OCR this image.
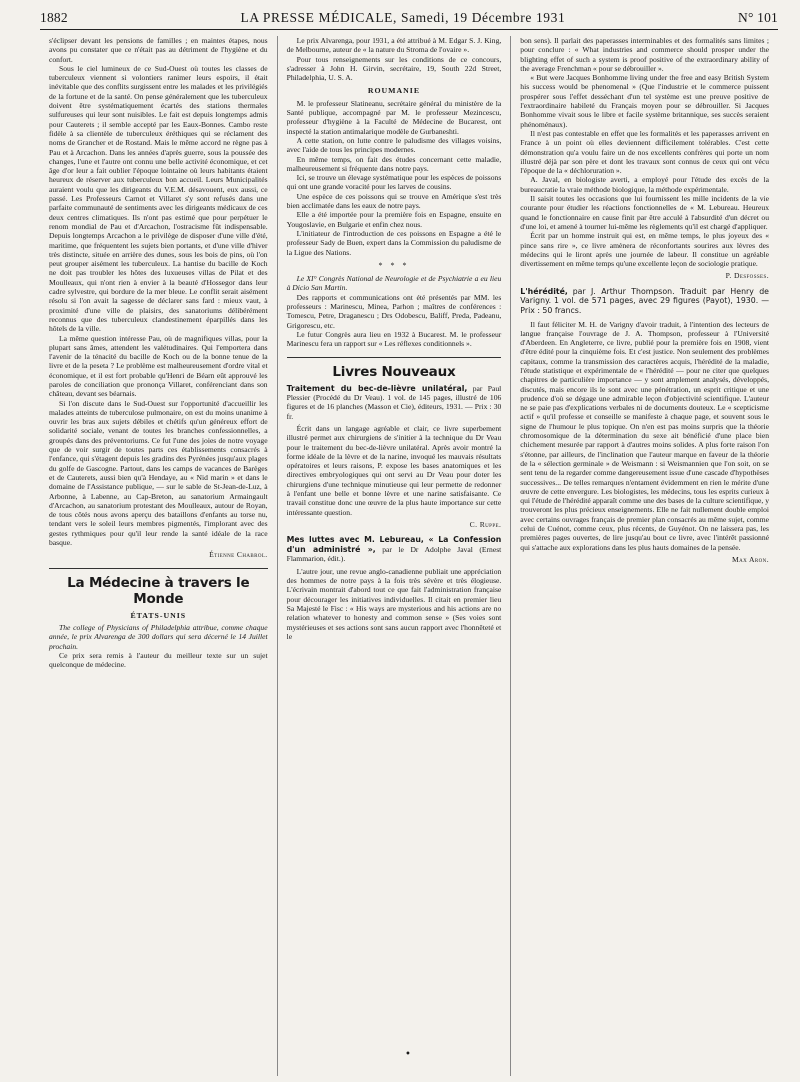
1882	LA PRESSE MÉDICALE, Samedi, 19 Décembre 1931	N° 101

s'éclipser devant les pensions de familles ; en maintes étapes, nous avons pu constater que ce n'était pas au détriment de l'hygiène et du confort.

Sous le ciel lumineux de ce Sud-Ouest où toutes les classes de tuberculeux viennent si volontiers ranimer leurs espoirs, il était inévitable que des conflits surgissent entre les malades et les privilégiés de la fortune et de la santé. On pense généralement que les tuberculeux doivent être systématiquement écartés des stations thermales sulfureuses qui leur sont nuisibles. Le fait est depuis longtemps admis pour Cauterets ; il semble accepté par les Eaux-Bonnes. Cambo reste fidèle à sa clientèle de tuberculeux éréthiques qui se réclament des noms de Grancher et de Rostand. Mais le même accord ne règne pas à Pau et à Arcachon. Dans les années d'après guerre, sous la poussée des changes, l'une et l'autre ont connu une belle activité économique, et cet âge d'or leur a fait oublier l'époque lointaine où leurs habitants étaient heureux de réserver aux tuberculeux bon accueil. Leurs Municipalités auraient voulu que les dirigeants du V.E.M. désavouent, eux aussi, ce passé. Les Professeurs Carnot et Villaret s'y sont refusés dans une parfaite communauté de sentiments avec les dirigeants médicaux de ces deux centres climatiques. Ils n'ont pas estimé que pour perpétuer le renom mondial de Pau et d'Arcachon, l'ostracisme fût indispensable. Depuis longtemps Arcachon a le privilège de disposer d'une ville d'été, maritime, que fréquentent les sujets bien portants, et d'une ville d'hiver très distincte, située en arrière des dunes, sous les bois de pins, où l'on peut grouper aisément les tuberculeux. La hantise du bacille de Koch ne doit pas troubler les hôtes des luxueuses villas de Pilat et des Moulleaux, qui n'ont rien à envier à la beauté d'Hossegor dans leur cadre sylvestre, qui bordure de la mer bleue. Le conflit serait aisément résolu si l'on avait la sagesse de déclarer sans fard : mieux vaut, à proximité d'une ville de plaisirs, des sanatoriums délibérément reconnus que des tuberculeux clandestinement éparpillés dans les hôtels de la ville.

La même question intéresse Pau, où de magnifiques villas, pour la plupart sans âmes, attendent les valétudinaires. Qui l'emportera dans l'avenir de la ténacité du bacille de Koch ou de la bonne tenue de la livre et de la peseta ? Le problème est malheureusement d'ordre vital et économique, et il est fort probable qu'Henri de Béarn eût approuvé les paroles de conciliation que prononça Villaret, conférenciant dans son château, devant ses béarnais.

Si l'on discute dans le Sud-Ouest sur l'opportunité d'accueillir les malades atteints de tuberculose pulmonaire, on est du moins unanime à ouvrir les bras aux sujets débiles et chétifs qu'un généreux effort de solidarité sociale, venant de toutes les branches confessionnelles, a groupés dans des préventoriums. Ce fut l'une des joies de notre voyage que de voir surgir de toutes parts ces établissements consacrés à l'enfance, qui s'étagent depuis les gradins des Pyrénées jusqu'aux plages du golfe de Gascogne. Partout, dans les camps de vacances de Barèges et de Cauterets, aussi bien qu'à Hendaye, au « Nid marin » et dans le domaine de l'Assistance publique, — sur le sable de St-Jean-de-Luz, à Arbonne, à Labenne, au Cap-Breton, au sanatorium Armaingault d'Arcachon, au sanatorium protestant des Moulleaux, autour de Royan, de tous côtés nous avons aperçu des bataillons d'enfants au torse nu, tendant vers le soleil leurs membres pigmentés, l'implorant avec des gestes rythmiques pour qu'il leur rende la santé idéale de la race basque.

Étienne Chabrol.
La Médecine à travers le Monde
ÉTATS-UNIS

The college of Physicians of Philadelphia attribue, comme chaque année, le prix Alvarenga de 300 dollars qui sera décerné le 14 Juillet prochain.

Ce prix sera remis à l'auteur du meilleur texte sur un sujet quelconque de médecine.

Le prix Alvarenga, pour 1931, a été attribué à M. Edgar S. J. King, de Melbourne, auteur de « la nature du Stroma de l'ovaire ».

Pour tous renseignements sur les conditions de ce concours, s'adresser à John H. Girvin, secrétaire, 19, South 22d Street, Philadelphia, U. S. A.

ROUMANIE

M. le professeur Slatineanu, secrétaire général du ministère de la Santé publique, accompagné par M. le professeur Mezincescu, professeur d'hygiène à la Faculté de Médecine de Bucarest, ont inspecté la station antimalarique modèle de Gurbaneshti.

A cette station, on lutte contre le paludisme des villages voisins, avec l'aide de tous les principes modernes.

En même temps, on fait des études concernant cette maladie, malheureusement si fréquente dans notre pays.

Ici, se trouve un élevage systématique pour les espèces de poissons qui ont une grande voracité pour les larves de cousins.

Une espèce de ces poissons qui se trouve en Amérique s'est très bien acclimatée dans les eaux de notre pays.

Elle a été importée pour la première fois en Espagne, ensuite en Yougoslavie, en Bulgarie et enfin chez nous.

L'initiateur de l'introduction de ces poissons en Espagne a été le professeur Sady de Buen, expert dans la Commission du paludisme de la Ligue des Nations.

* * *

Le XI° Congrès National de Neurologie et de Psychiatrie a eu lieu à Dicio San Martin.

Des rapports et communications ont été présentés par MM. les professeurs : Marinescu, Minea, Parhon ; maîtres de conférences : Tomescu, Petre, Draganescu ; Drs Odobescu, Baliff, Preda, Padeanu, Grigorescu, etc.

Le futur Congrès aura lieu en 1932 à Bucarest. M. le professeur Marinescu fera un rapport sur « Les réflexes conditionnels ».

Livres Nouveaux

Traitement du bec-de-lièvre unilatéral, par Paul Plessier (Procédé du Dr Veau). 1 vol. de 145 pages, illustré de 106 figures et de 16 planches (Masson et Cie), éditeurs, 1931. — Prix : 30 fr.

Écrit dans un langage agréable et clair, ce livre superbement illustré permet aux chirurgiens de s'initier à la technique du Dr Veau pour le traitement du bec-de-lièvre unilatéral. Après avoir montré la forme idéale de la lèvre et de la narine, invoqué les mauvais résultats opératoires et leurs raisons, P. expose les bases anatomiques et les directives embryologiques qui ont servi au Dr Veau pour doter les chirurgiens d'une technique minutieuse qui leur permette de redonner à l'enfant une belle et bonne lèvre et une narine satisfaisante. Ce travail constitue donc une œuvre de la plus haute importance sur cette intéressante question.

C. Ruppe.

Mes luttes avec M. Lebureau, « La Confession d'un administré », par le Dr Adolphe Javal (Ernest Flammarion, édit.).

L'autre jour, une revue anglo-canadienne publiait une appréciation des hommes de notre pays à la fois très sévère et très élogieuse. L'écrivain montrait d'abord tout ce que fait l'administration française pour décourager les initiatives individuelles. Il citait en premier lieu Sa Majesté le Fisc : « His ways are mysterious and his actions are no relation whatever to honesty and common sense » (Ses voies sont mystérieuses et ses actions sont sans aucun rapport avec l'honnêteté et le

bon sens). Il parlait des paperasses interminables et des formalités sans limites ; pour conclure : « What industries and commerce should prosper under the blighting effet of such a system is proof positive of the extraordinary ability of the average Frenchman « pour se débrouiller ».

« But were Jacques Bonhomme living under the free and easy British System his success would be phenomenal » (Que l'industrie et le commerce puissent prospérer sous l'effet desséchant d'un tel système est une preuve positive de l'extraordinaire habileté du Français moyen pour se débrouiller. Si Jacques Bonhomme vivait sous le libre et facile système britannique, ses succès seraient phénoménaux).

Il n'est pas contestable en effet que les formalités et les paperasses arrivent en France à un point où elles deviennent difficilement tolérables. C'est cette démonstration qu'a voulu faire un de nos excellents confrères qui porte un nom illustré déjà par son père et dont les travaux sont connus de ceux qui ont vécu l'époque de la « déchloruration ».

A. Javal, en biologiste averti, a employé pour l'étude des excès de la bureaucratie la vraie méthode biologique, la méthode expérimentale.

Il saisit toutes les occasions que lui fournissent les mille incidents de la vie courante pour étudier les réactions fonctionnelles de « M. Lebureau. Heureux quand le fonctionnaire en cause finit par être acculé à l'absurdité d'un décret ou d'une loi, et amené à tourner lui-même les règlements qu'il est chargé d'appliquer.

Écrit par un homme instruit qui est, en même temps, le plus joyeux des « pince sans rire », ce livre amènera de réconfortants sourires aux lèvres des médecins qui le liront après une journée de labeur. Il constitue un agréable divertissement en même temps qu'une excellente leçon de sociologie pratique.

P. Desfosses.

L'hérédité, par J. Arthur Thompson. Traduit par Henry de Varigny. 1 vol. de 571 pages, avec 29 figures (Payot), 1930. — Prix : 50 francs.

Il faut féliciter M. H. de Varigny d'avoir traduit, à l'intention des lecteurs de langue française l'ouvrage de J. A. Thompson, professeur à l'Université d'Aberdeen. En Angleterre, ce livre, publié pour la première fois en 1908, vient d'être édité pour la cinquième fois. Et c'est justice. Non seulement des problèmes capitaux, comme la transmission des caractères acquis, l'hérédité de la maladie, l'étude statistique et expérimentale de « l'hérédité — pour ne citer que quelques chapitres de particulière importance — y sont amplement analysés, développés, discutés, mais encore ils le sont avec une pénétration, un esprit critique et une prudence d'où se dégage une admirable leçon d'objectivité scientifique. L'auteur ne se paie pas d'explications verbales ni de documents douteux. Le « scepticisme actif » qu'il professe et conseille se manifeste à chaque page, et souvent sous le signe de l'humour le plus topique. On n'en est pas moins surpris que la théorie chromosomique de la détermination du sexe ait bénéficié d'une place bien chichement mesurée par rapport à d'autres moins solides. A plus forte raison l'on s'étonne, par ailleurs, de l'inclination que l'auteur marque en faveur de la théorie de la « sélection germinale » de Weismann : si Weismannien que l'on soit, on se sent tenu de la regarder comme dangereusement issue d'une cascade d'hypothèses successives... De telles remarques n'entament évidemment en rien le mérite d'une œuvre de cette envergure. Les biologistes, les médecins, tous les esprits curieux à qui l'étude de l'hérédité apparaît comme une des bases de la culture scientifique, y trouveront les plus précieux enseignements. Elle ne fait nullement double emploi avec certains ouvrages français de premier plan consacrés au même sujet, comme celui de Cuénot, comme ceux, plus récents, de Guyénot. On ne laissera pas, les premières pages ouvertes, de lire jusqu'au bout ce livre, avec l'intérêt passionné qui s'attache aux explorations dans les plus hauts domaines de la pensée.

Max Aron.
•
